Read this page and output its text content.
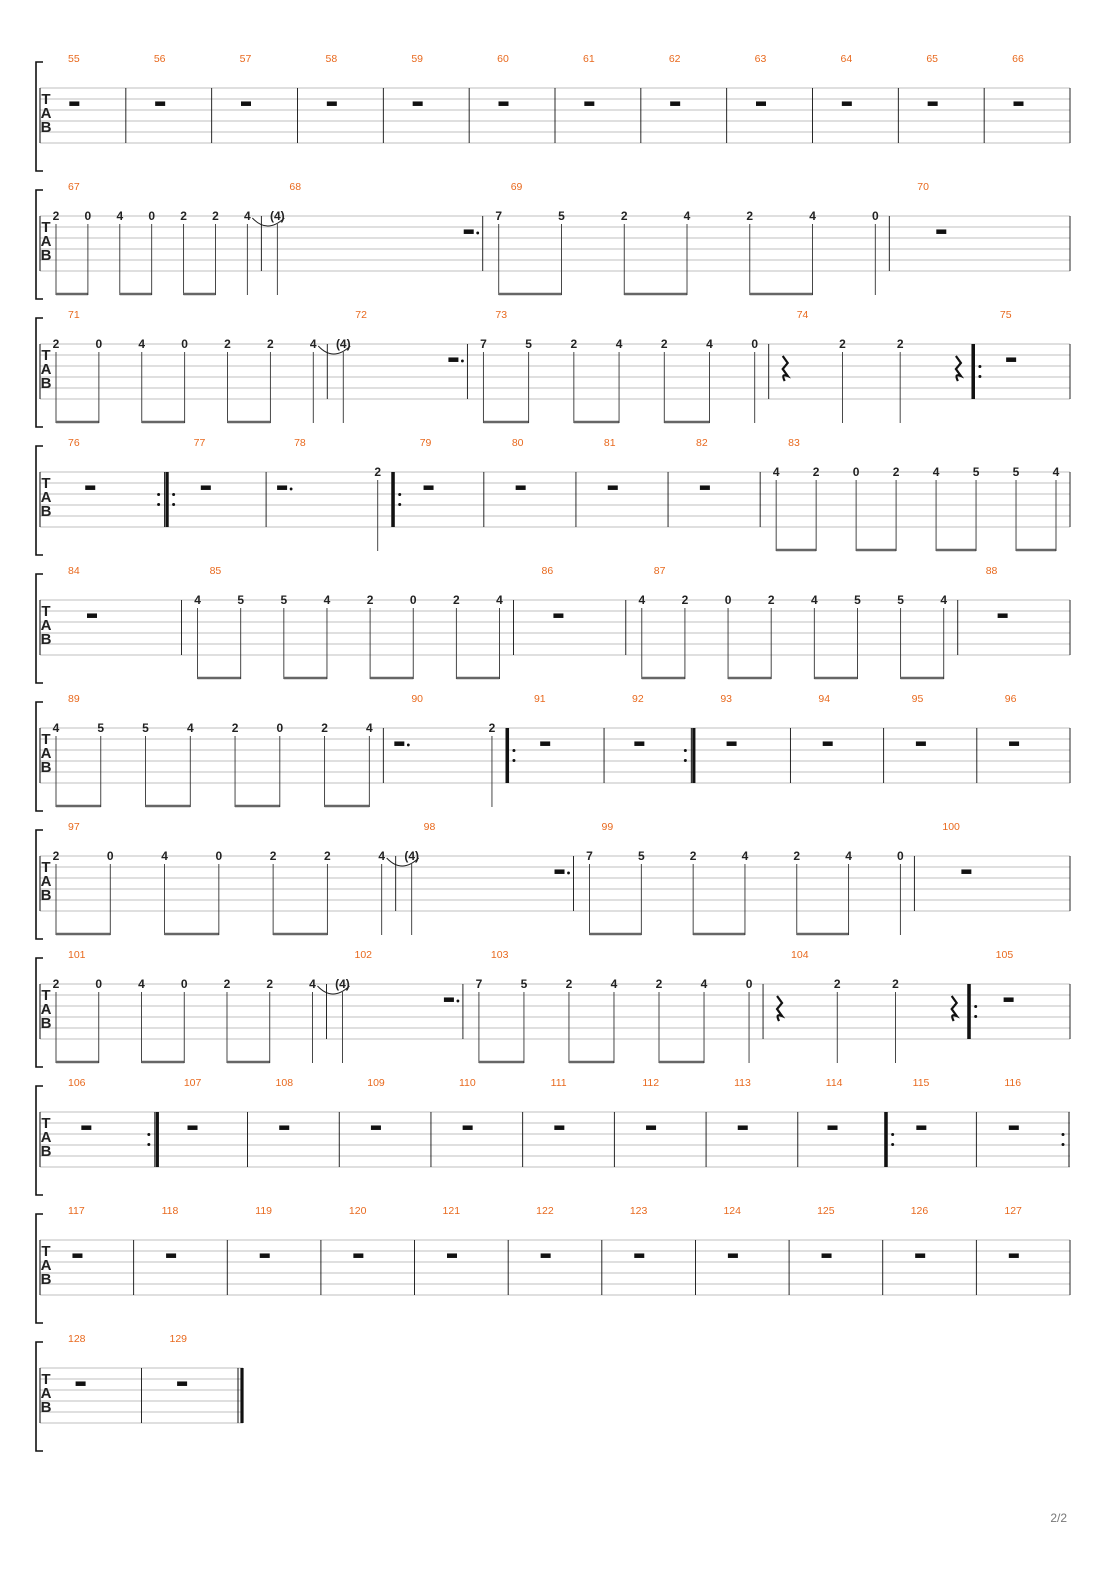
T
A
B
55	56	57	58	59	60	61	62	63	64	65	66
T
A
B
67
2 0 4 0 2 2 4
68
(4)
69
7	5	2	4	2	4	0
70
T
A
B
71
2	0	4	0	2	2	4
72
(4)
73
7	5	2	4	2	4	0
74
2	2
75
T
A
B
76	77	78
2
79	80	81	82	83
4	2	0	2	4	5	5	4
T
A
B
84	85
4	5	5	4	2	0	2	4
86	87
4	2	0	2	4	5	5	4
88
T
A
B
89
4	5	5	4	2	0	2	4
90
2
91	92	93	94	95	96
T
A
B
97
2	0	4	0	2	2	4
98
(4)
99
7	5	2	4	2	4	0
100
T
A
B
101
2	0	4	0	2	2	4
102
(4)
103
7	5	2	4	2	4	0
104
2	2
105
T
A
B
106	107	108	109	110	111	112	113	114	115	116
T
A
B
117	118	119	120	121	122	123	124	125	126	127
T
A
B
128	129
2/2
